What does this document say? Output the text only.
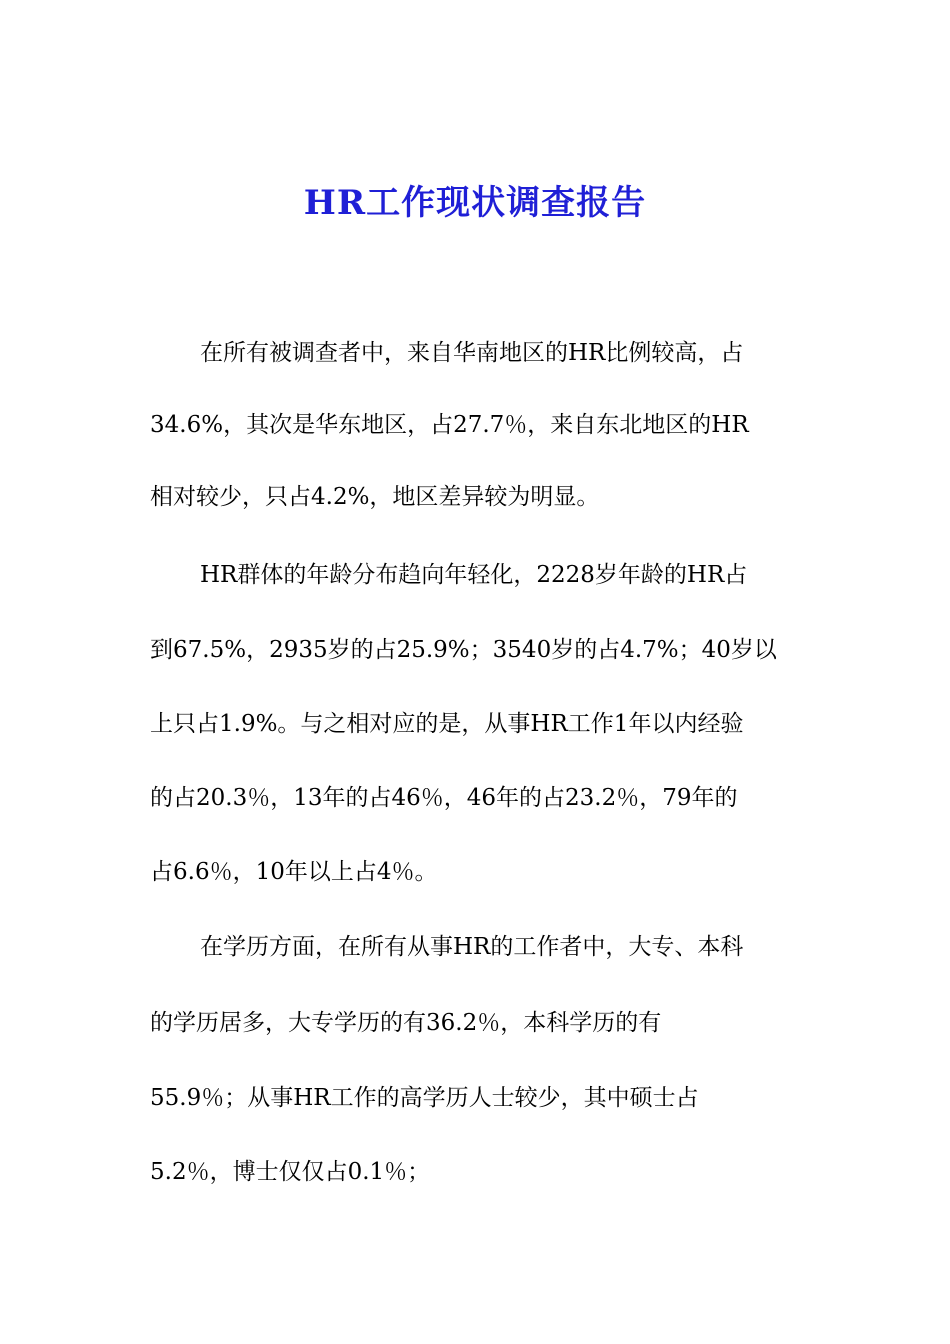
HR工作现状调查报告
在所有被调查者中，来自华南地区的HR比例较高，占
34.6%，其次是华东地区，占27.7％，来自东北地区的HR
相对较少，只占4.2%，地区差异较为明显。
HR群体的年龄分布趋向年轻化，2228岁年龄的HR占
到67.5%，2935岁的占25.9%；3540岁的占4.7%；40岁以
上只占1.9%。与之相对应的是，从事HR工作1年以内经验
的占20.3％，13年的占46％，46年的占23.2％，79年的
占6.6％，10年以上占4％。
在学历方面，在所有从事HR的工作者中，大专、本科
的学历居多，大专学历的有36.2％，本科学历的有
55.9％；从事HR工作的高学历人士较少，其中硕士占
5.2％，博士仅仅占0.1％；
